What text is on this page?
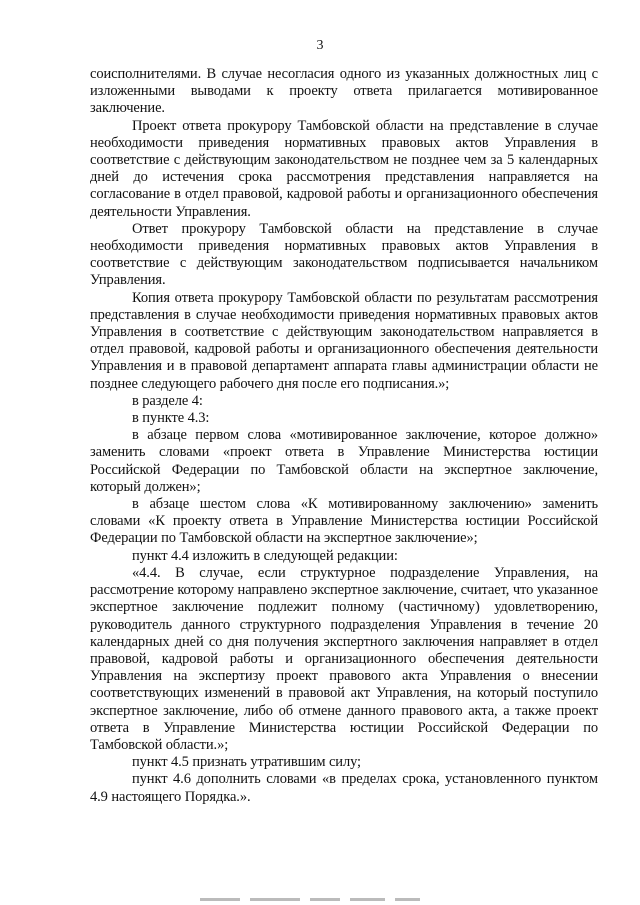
3

соисполнителями. В случае несогласия одного из указанных должностных лиц с изложенными выводами к проекту ответа прилагается мотивированное заключение.

Проект ответа прокурору Тамбовской области на представление в случае необходимости приведения нормативных правовых актов Управления в соответствие с действующим законодательством не позднее чем за 5 календарных дней до истечения срока рассмотрения представления направляется на согласование в отдел правовой, кадровой работы и организационного обеспечения деятельности Управления.

Ответ прокурору Тамбовской области на представление в случае необходимости приведения нормативных правовых актов Управления в соответствие с действующим законодательством подписывается начальником Управления.

Копия ответа прокурору Тамбовской области по результатам рассмотрения представления в случае необходимости приведения нормативных правовых актов Управления в соответствие с действующим законодательством направляется в отдел правовой, кадровой работы и организационного обеспечения деятельности Управления и в правовой департамент аппарата главы администрации области не позднее следующего рабочего дня после его подписания.»;

в разделе 4:

в пункте 4.3:

в абзаце первом слова «мотивированное заключение, которое должно» заменить словами «проект ответа в Управление Министерства юстиции Российской Федерации по Тамбовской области на экспертное заключение, который должен»;

в абзаце шестом слова «К мотивированному заключению» заменить словами «К проекту ответа в Управление Министерства юстиции Российской Федерации по Тамбовской области на экспертное заключение»;

пункт 4.4 изложить в следующей редакции:

«4.4. В случае, если структурное подразделение Управления, на рассмотрение которому направлено экспертное заключение, считает, что указанное экспертное заключение подлежит полному (частичному) удовлетворению, руководитель данного структурного подразделения Управления в течение 20 календарных дней со дня получения экспертного заключения направляет в отдел правовой, кадровой работы и организационного обеспечения деятельности Управления на экспертизу проект правового акта Управления о внесении соответствующих изменений в правовой акт Управления, на который поступило экспертное заключение, либо об отмене данного правового акта, а также проект ответа в Управление Министерства юстиции Российской Федерации по Тамбовской области.»;

пункт 4.5 признать утратившим силу;

пункт 4.6 дополнить словами «в пределах срока, установленного пунктом 4.9 настоящего Порядка.».
